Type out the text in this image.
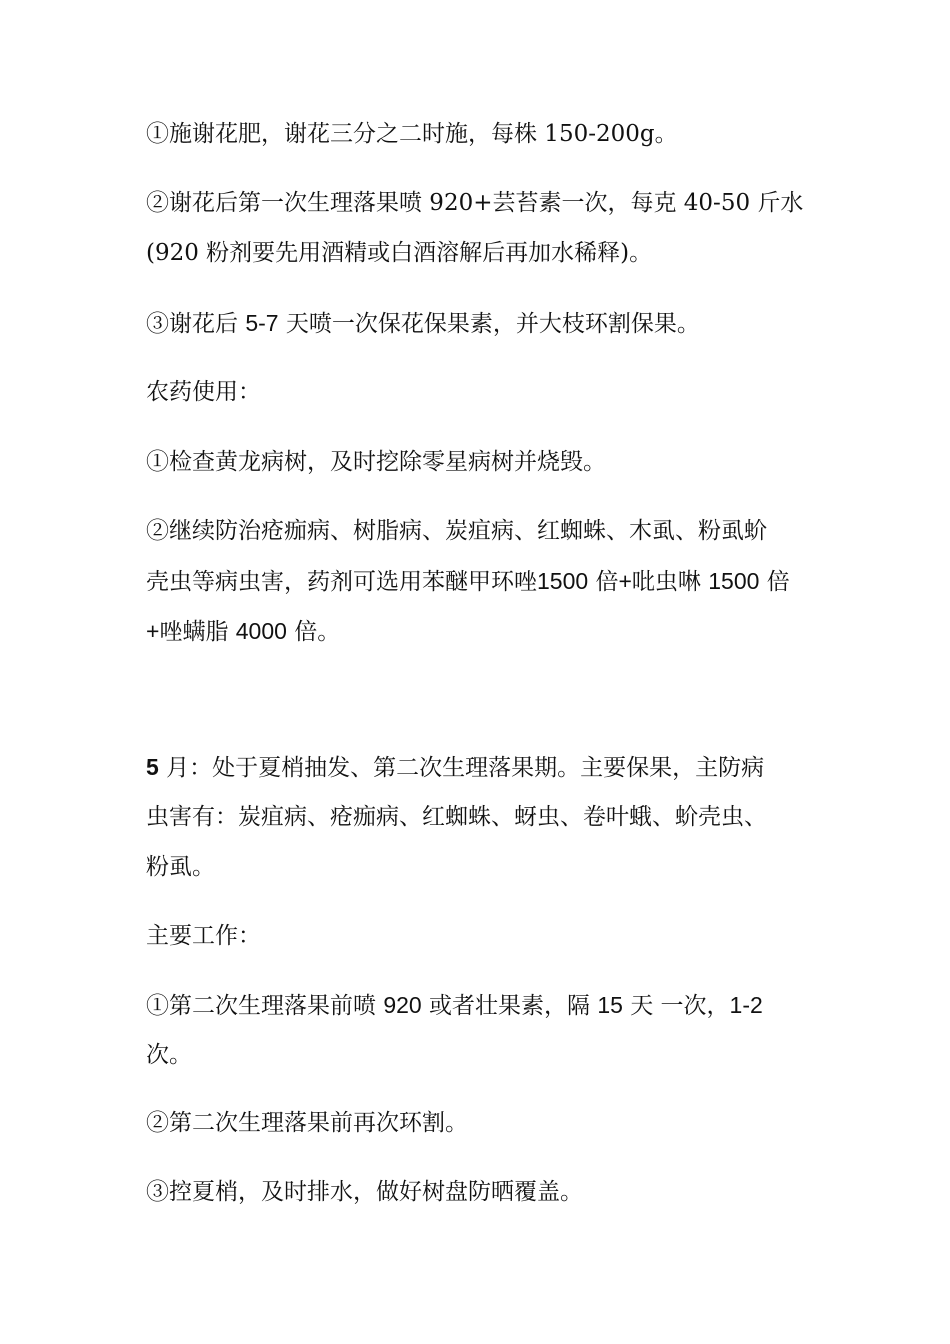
①施谢花肥，谢花三分之二时施，每株 150-200g。

②谢花后第一次生理落果喷 920+芸苔素一次，每克 40-50 斤水
(920 粉剂要先用酒精或白酒溶解后再加水稀释)。

③谢花后 5-7 天喷一次保花保果素，并大枝环割保果。

农药使用：

①检查黄龙病树，及时挖除零星病树并烧毁。

②继续防治疮痂病、树脂病、炭疽病、红蜘蛛、木虱、粉虱蚧
壳虫等病虫害，药剂可选用苯醚甲环唑1500 倍+吡虫啉 1500 倍
+唑螨脂 4000 倍。

5 月：处于夏梢抽发、第二次生理落果期。主要保果，主防病
虫害有：炭疽病、疮痂病、红蜘蛛、蚜虫、卷叶蛾、蚧壳虫、
粉虱。

主要工作：

①第二次生理落果前喷 920 或者壮果素，隔 15 天 一次，1-2
次。

②第二次生理落果前再次环割。

③控夏梢，及时排水，做好树盘防晒覆盖。
